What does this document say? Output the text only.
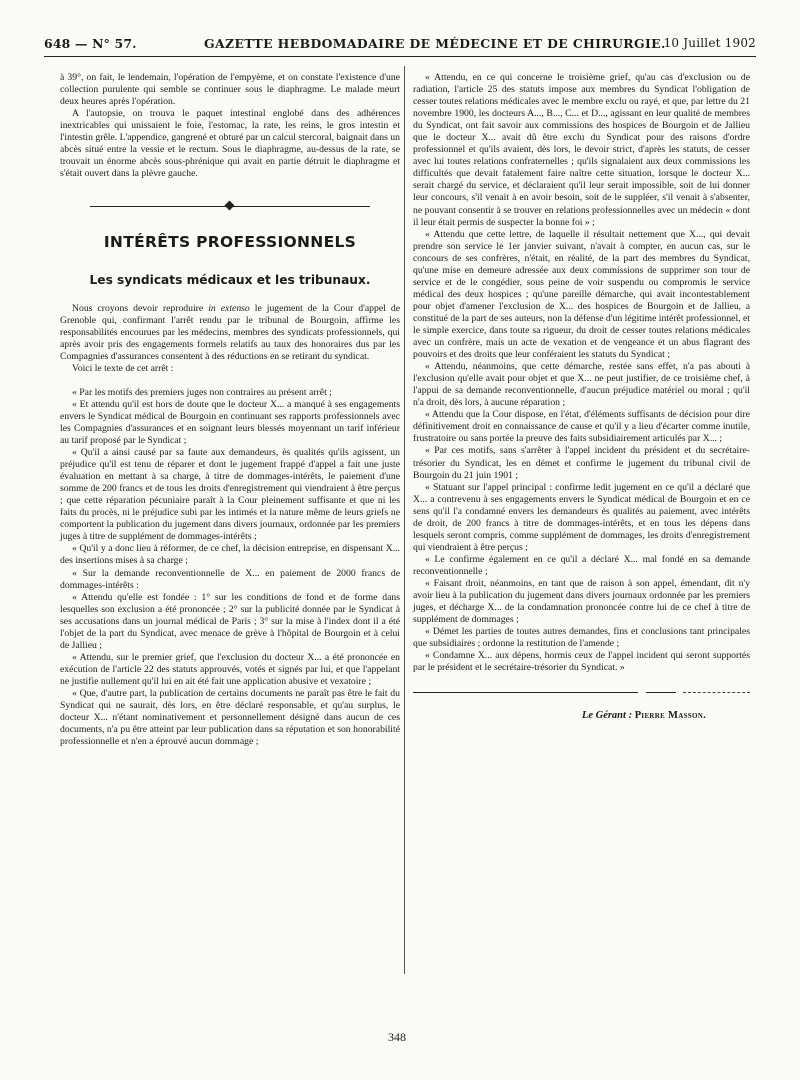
648 — N° 57.	GAZETTE HEBDOMADAIRE DE MÉDECINE ET DE CHIRURGIE.
10 Juillet 1902

à 39°, on fait, le lendemain, l'opération de l'empyème, et on constate l'existence d'une collection purulente qui semble se continuer sous le diaphragme. Le malade meurt deux heures après l'opération.

A l'autopsie, on trouva le paquet intestinal englobé dans des adhérences inextricables qui unissaient le foie, l'estomac, la rate, les reins, le gros intestin et l'intestin grêle. L'appendice, gangrené et obturé par un calcul stercoral, baignait dans un abcès situé entre la vessie et le rectum. Sous le diaphragme, au-dessus de la rate, se trouvait un énorme abcès sous-phrénique qui avait en partie détruit le diaphragme et s'était ouvert dans la plèvre gauche.

INTÉRÊTS PROFESSIONNELS
Les syndicats médicaux et les tribunaux.

Nous croyons devoir reproduire in extenso le jugement de la Cour d'appel de Grenoble qui, confirmant l'arrêt rendu par le tribunal de Bourgoin, affirme les responsabilités encourues par les médecins, membres des syndicats professionnels, qui après avoir pris des engagements formels relatifs au taux des honoraires dus par les Compagnies d'assurances consentent à des réductions en se retirant du syndicat.

Voici le texte de cet arrêt :

« Par les motifs des premiers juges non contraires au présent arrêt ;

« Et attendu qu'il est hors de doute que le docteur X... a manqué à ses engagements envers le Syndicat médical de Bourgoin en continuant ses rapports professionnels avec les Compagnies d'assurances et en soignant leurs blessés moyennant un tarif inférieur au tarif proposé par le Syndicat ;

« Qu'il a ainsi causé par sa faute aux demandeurs, ès qualités qu'ils agissent, un préjudice qu'il est tenu de réparer et dont le jugement frappé d'appel a fait une juste évaluation en mettant à sa charge, à titre de dommages-intérêts, le paiement d'une somme de 200 francs et de tous les droits d'enregistrement qui viendraient à être perçus ; que cette réparation pécuniaire paraît à la Cour pleinement suffisante et que ni les faits du procès, ni le préjudice subi par les intimés et la nature même de leurs griefs ne comportent la publication du jugement dans divers journaux, ordonnée par les premiers juges à titre de supplément de dommages-intérêts ;

« Qu'il y a donc lieu à réformer, de ce chef, la décision entreprise, en dispensant X... des insertions mises à sa charge ;

« Sur la demande reconventionnelle de X... en paiement de 2000 francs de dommages-intérêts :

« Attendu qu'elle est fondée : 1° sur les conditions de fond et de forme dans lesquelles son exclusion a été prononcée ; 2° sur la publicité donnée par le Syndicat à ses accusations dans un journal médical de Paris ; 3° sur la mise à l'index dont il a été l'objet de la part du Syndicat, avec menace de grève à l'hôpital de Bourgoin et à celui de Jallieu ;

« Attendu, sur le premier grief, que l'exclusion du docteur X... a été prononcée en exécution de l'article 22 des statuts approuvés, votés et signés par lui, et que l'appelant ne justifie nullement qu'il lui en ait été fait une application abusive et vexatoire ;

« Que, d'autre part, la publication de certains documents ne paraît pas être le fait du Syndicat qui ne saurait, dès lors, en être déclaré responsable, et qu'au surplus, le docteur X... n'étant nominativement et personnellement désigné dans aucun de ces documents, n'a pu être atteint par leur publication dans sa réputation et son honorabilité professionnelle et n'en a éprouvé aucun dommage ;

« Attendu, en ce qui concerne le troisième grief, qu'au cas d'exclusion ou de radiation, l'article 25 des statuts impose aux membres du Syndicat l'obligation de cesser toutes relations médicales avec le membre exclu ou rayé, et que, par lettre du 21 novembre 1900, les docteurs A..., B..., C... et D..., agissant en leur qualité de membres du Syndicat, ont fait savoir aux commissions des hospices de Bourgoin et de Jallieu que le docteur X... avait dû être exclu du Syndicat pour des raisons d'ordre professionnel et qu'ils avaient, dès lors, le devoir strict, d'après les statuts, de cesser avec lui toutes relations confraternelles ; qu'ils signalaient aux deux commissions les difficultés que devait fatalement faire naître cette situation, lorsque le docteur X... serait chargé du service, et déclaraient qu'il leur serait impossible, soit de lui donner leur concours, s'il venait à en avoir besoin, soit de le suppléer, s'il venait à s'absenter, ne pouvant consentir à se trouver en relations professionnelles avec un médecin « dont il leur était permis de suspecter la bonne foi » ;

« Attendu que cette lettre, de laquelle il résultait nettement que X..., qui devait prendre son service le 1er janvier suivant, n'avait à compter, en aucun cas, sur le concours de ses confrères, n'était, en réalité, de la part des membres du Syndicat, qu'une mise en demeure adressée aux deux commissions de supprimer son tour de service et de le congédier, sous peine de voir suspendu ou compromis le service médical des deux hospices ; qu'une pareille démarche, qui avait incontestablement pour objet d'amener l'exclusion de X... des hospices de Bourgoin et de Jallieu, a constitué de la part de ses auteurs, non la défense d'un légitime intérêt professionnel, et le simple exercice, dans toute sa rigueur, du droit de cesser toutes relations médicales avec un confrère, mais un acte de vexation et de vengeance et un abus flagrant des pouvoirs et des droits que leur conféraient les statuts du Syndicat ;

« Attendu, néanmoins, que cette démarche, restée sans effet, n'a pas abouti à l'exclusion qu'elle avait pour objet et que X... ne peut justifier, de ce troisième chef, à l'appui de sa demande reconventionnelle, d'aucun préjudice matériel ou moral ; qu'il n'a droit, dès lors, à aucune réparation ;

« Attendu que la Cour dispose, en l'état, d'éléments suffisants de décision pour dire définitivement droit en connaissance de cause et qu'il y a lieu d'écarter comme inutile, frustratoire ou sans portée la preuve des faits subsidiairement articulés par X... ;

« Par ces motifs, sans s'arrêter à l'appel incident du président et du secrétaire-trésorier du Syndicat, les en démet et confirme le jugement du tribunal civil de Bourgoin du 21 juin 1901 ;

« Statuant sur l'appel principal : confirme ledit jugement en ce qu'il a déclaré que X... a contrevenu à ses engagements envers le Syndicat médical de Bourgoin et en ce sens qu'il l'a condamné envers les demandeurs ès qualités au paiement, avec intérêts de droit, de 200 francs à titre de dommages-intérêts, et en tous les dépens dans lesquels seront compris, comme supplément de dommages, les droits d'enregistrement qui viendraient à être perçus ;

« Le confirme également en ce qu'il a déclaré X... mal fondé en sa demande reconventionnelle ;

« Faisant droit, néanmoins, en tant que de raison à son appel, émendant, dit n'y avoir lieu à la publication du jugement dans divers journaux ordonnée par les premiers juges, et décharge X... de la condamnation prononcée contre lui de ce chef à titre de supplément de dommages ;

« Démet les parties de toutes autres demandes, fins et conclusions tant principales que subsidiaires ; ordonne la restitution de l'amende ;

« Condamne X... aux dépens, hormis ceux de l'appel incident qui seront supportés par le président et le secrétaire-trésorier du Syndicat. »

Le Gérant : Pierre Masson.
348
